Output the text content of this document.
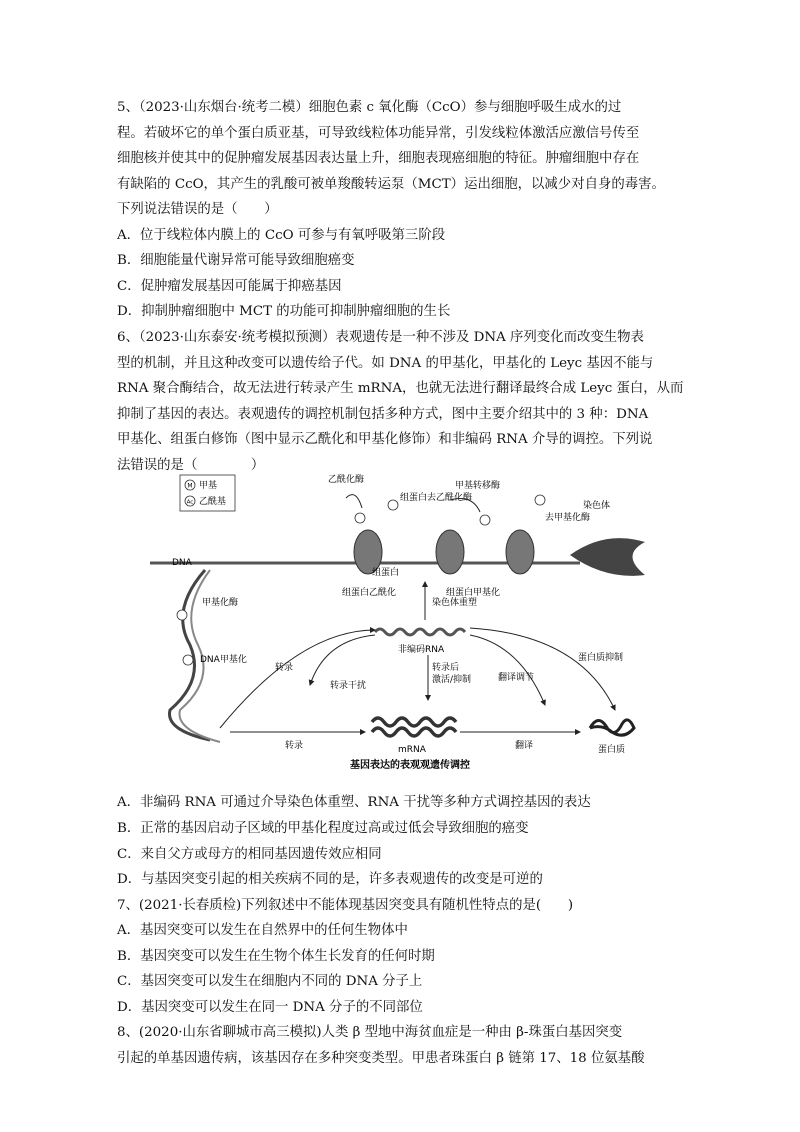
5、（2023·山东烟台·统考二模）细胞色素 c 氧化酶（CcO）参与细胞呼吸生成水的过
程。若破坏它的单个蛋白质亚基，可导致线粒体功能异常，引发线粒体激活应激信号传至
细胞核并使其中的促肿瘤发展基因表达量上升，细胞表现癌细胞的特征。肿瘤细胞中存在
有缺陷的 CcO，其产生的乳酸可被单羧酸转运泵（MCT）运出细胞，以减少对自身的毒害。
下列说法错误的是（　　）
A．位于线粒体内膜上的 CcO 可参与有氧呼吸第三阶段
B．细胞能量代谢异常可能导致细胞癌变
C．促肿瘤发展基因可能属于抑癌基因
D．抑制肿瘤细胞中 MCT 的功能可抑制肿瘤细胞的生长
6、（2023·山东泰安·统考模拟预测）表观遗传是一种不涉及 DNA 序列变化而改变生物表
型的机制，并且这种改变可以遗传给子代。如 DNA 的甲基化，甲基化的 Leyc 基因不能与
RNA 聚合酶结合，故无法进行转录产生 mRNA，也就无法进行翻译最终合成 Leyc 蛋白，从而
抑制了基因的表达。表观遗传的调控机制包括多种方式，图中主要介绍其中的 3 种：DNA
甲基化、组蛋白修饰（图中显示乙酰化和甲基化修饰）和非编码 RNA 介导的调控。下列说
法错误的是（　　　　）
M 甲基
Ac 乙酰基
乙酰化酶
组蛋白去乙酰化酶
甲基转移酶
去甲基化酶
染色体
组蛋白
组蛋白乙酰化	组蛋白甲基化
DNA
甲基化酶
DNA甲基化
染色体重塑
非编码RNA
转录
转录干扰
转录后
激活/抑制	翻译调节
蛋白质抑制
转录	mRNA	翻译	蛋白质
基因表达的表观观遗传调控
A．非编码 RNA 可通过介导染色体重塑、RNA 干扰等多种方式调控基因的表达
B．正常的基因启动子区域的甲基化程度过高或过低会导致细胞的癌变
C．来自父方或母方的相同基因遗传效应相同
D．与基因突变引起的相关疾病不同的是，许多表观遗传的改变是可逆的
7、(2021·长春质检)下列叙述中不能体现基因突变具有随机性特点的是(　　)
A．基因突变可以发生在自然界中的任何生物体中
B．基因突变可以发生在生物个体生长发育的任何时期
C．基因突变可以发生在细胞内不同的 DNA 分子上
D．基因突变可以发生在同一 DNA 分子的不同部位
8、(2020·山东省聊城市高三模拟)人类 β 型地中海贫血症是一种由 β-珠蛋白基因突变
引起的单基因遗传病，该基因存在多种突变类型。甲患者珠蛋白 β 链第 17、18 位氨基酸
